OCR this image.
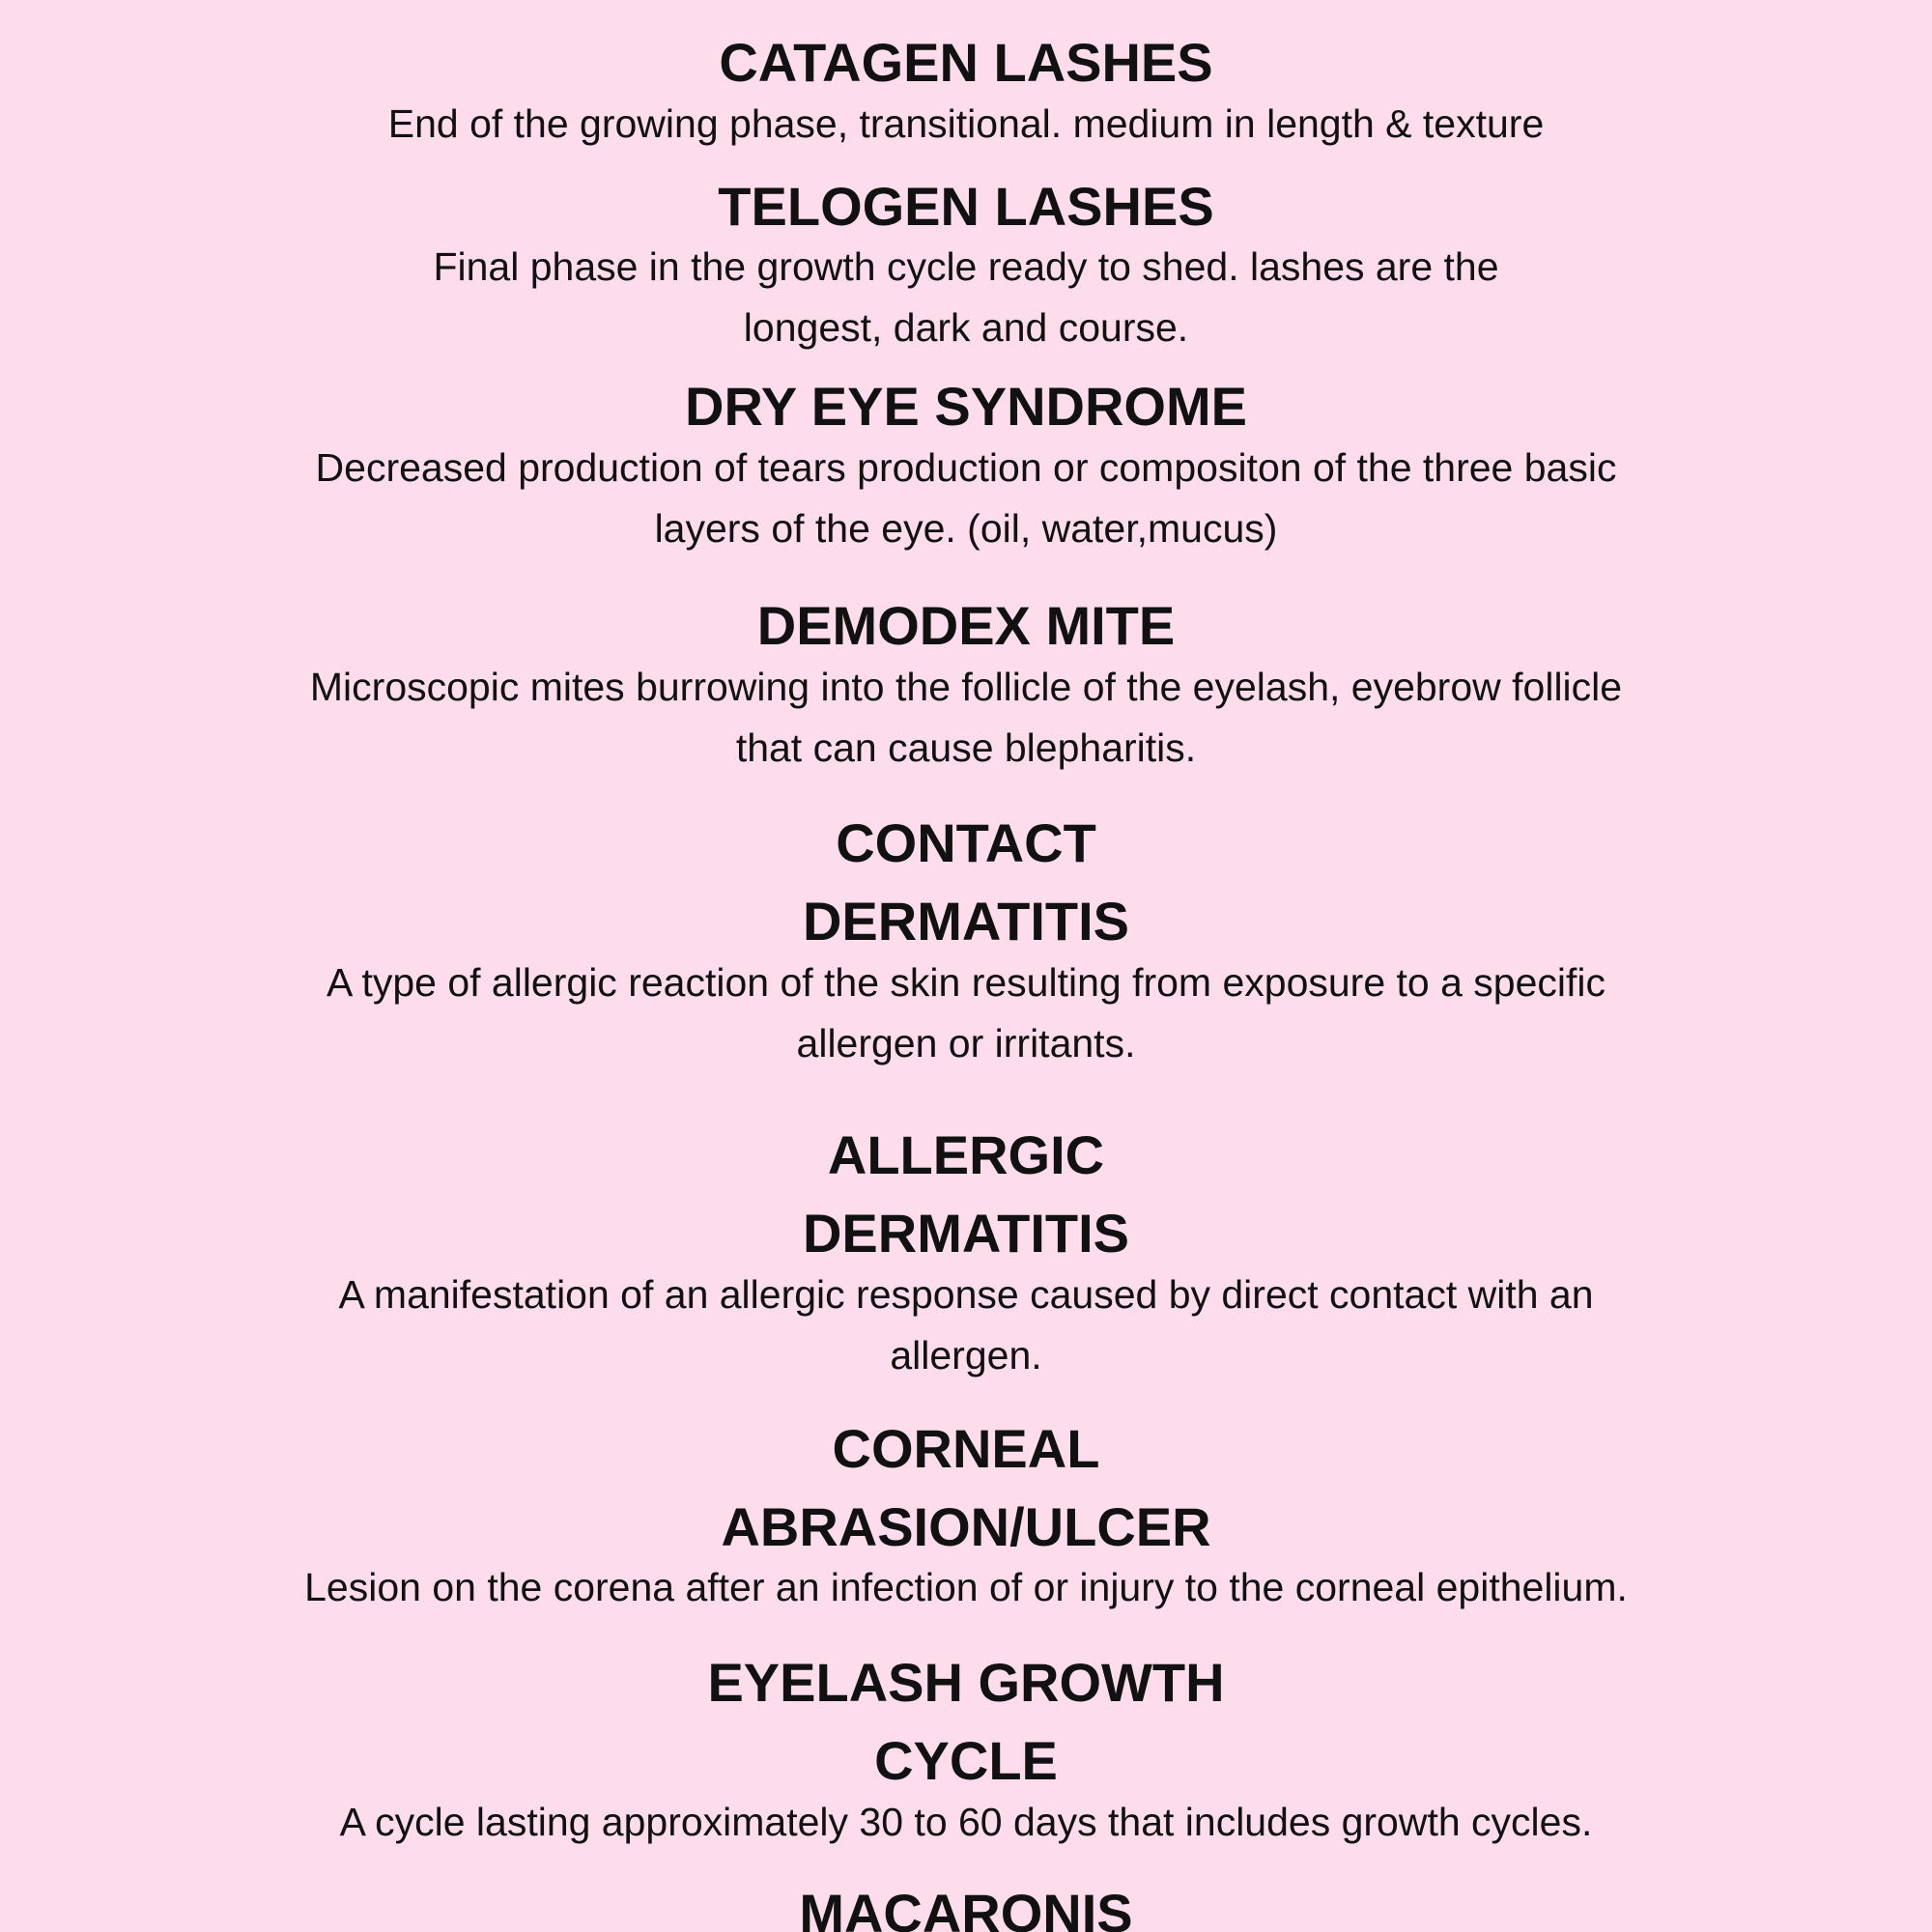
CATAGEN LASHES
End of the growing phase, transitional. medium in length & texture
TELOGEN LASHES
Final phase in the growth cycle ready to shed. lashes are the
longest, dark and course.
DRY EYE SYNDROME
Decreased production of tears production or compositon of the three basic
layers of the eye. (oil, water,mucus)
DEMODEX MITE
Microscopic mites burrowing into the follicle of the eyelash, eyebrow follicle
that can cause blepharitis.
CONTACT
DERMATITIS
A type of allergic reaction of the skin resulting from exposure to a specific
allergen or irritants.
ALLERGIC
DERMATITIS
A manifestation of an allergic response caused by direct contact with an
allergen.
CORNEAL
ABRASION/ULCER
Lesion on the corena after an infection of or injury to the corneal epithelium.
EYELASH GROWTH
CYCLE
A cycle lasting approximately 30 to 60 days that includes growth cycles.
MACARONIS
